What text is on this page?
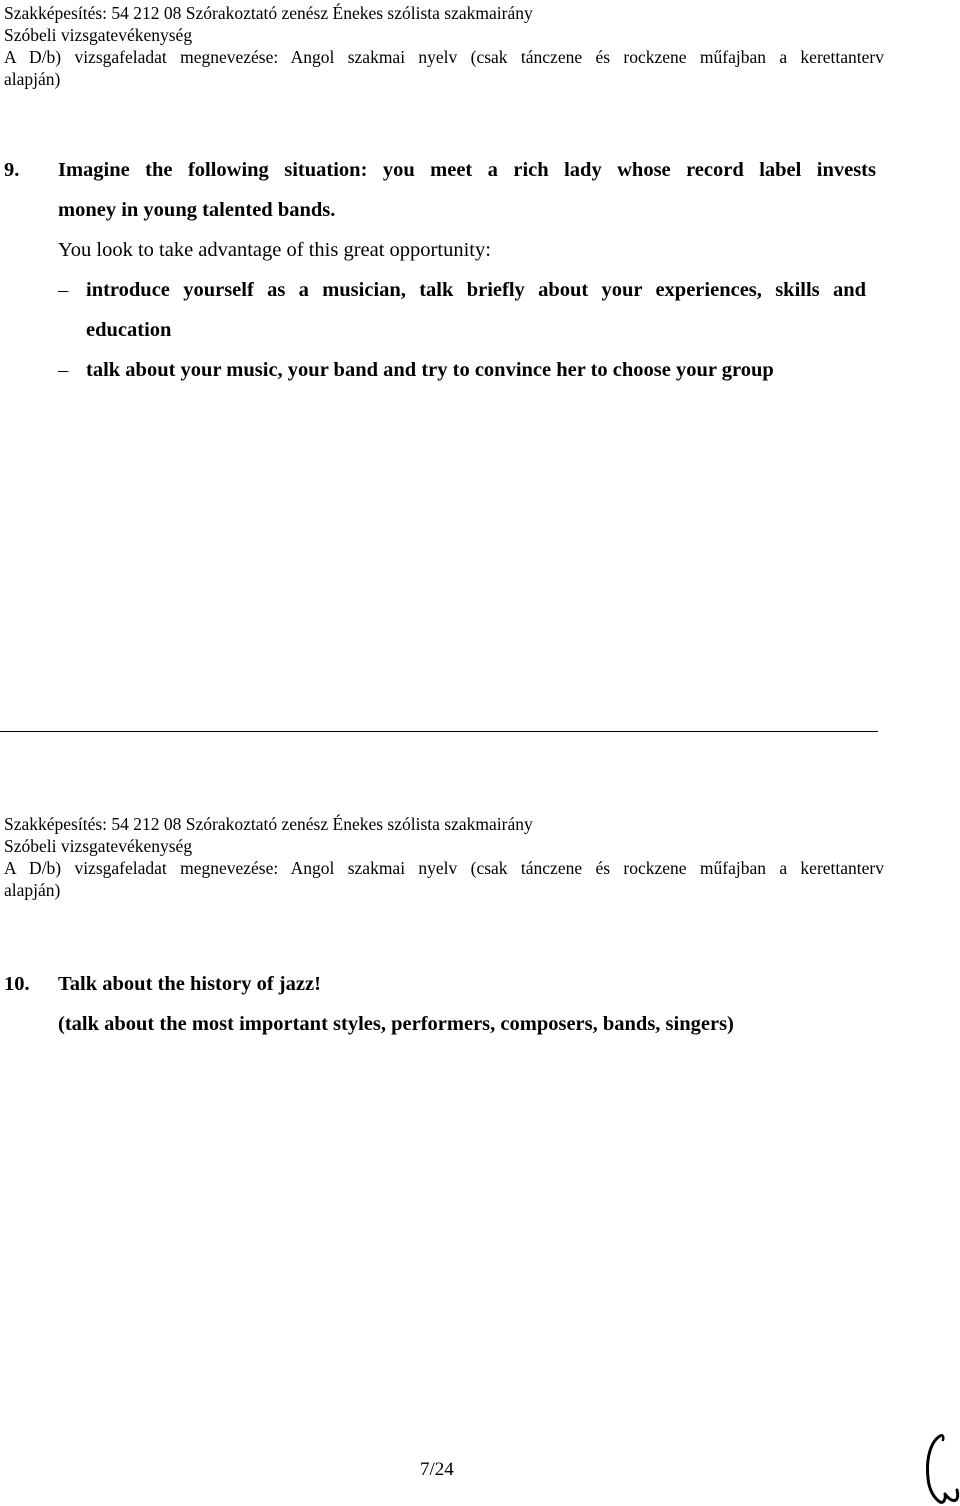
Szakképesítés: 54 212 08 Szórakoztató zenész Énekes szólista szakmairány
Szóbeli vizsgatevékenység
A D/b) vizsgafeladat megnevezése: Angol szakmai nyelv (csak tánczene és rockzene műfajban a kerettanterv
alapján)
9. Imagine the following situation: you meet a rich lady whose record label invests
money in young talented bands.
You look to take advantage of this great opportunity:
– introduce yourself as a musician, talk briefly about your experiences, skills and
education
– talk about your music, your band and try to convince her to choose your group
Szakképesítés: 54 212 08 Szórakoztató zenész Énekes szólista szakmairány
Szóbeli vizsgatevékenység
A D/b) vizsgafeladat megnevezése: Angol szakmai nyelv (csak tánczene és rockzene műfajban a kerettanterv
alapján)
10. Talk about the history of jazz!
(talk about the most important styles, performers, composers, bands, singers)
7/24
